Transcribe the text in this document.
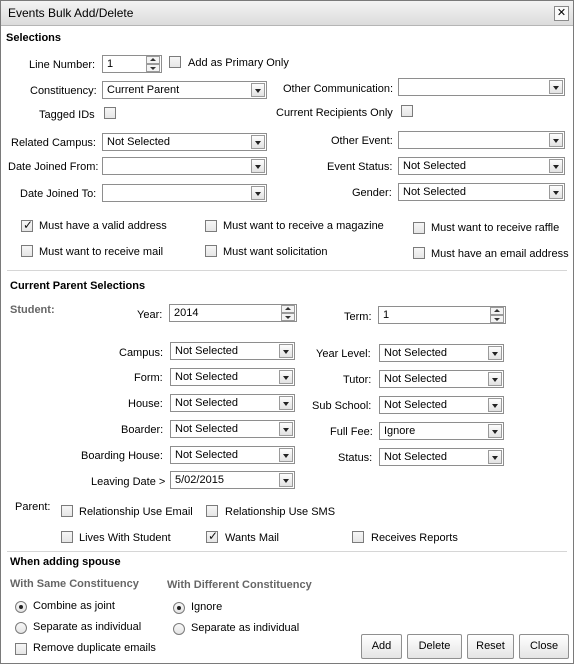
Events Bulk Add/Delete	✕
Selections
Line Number: 1	Add as Primary Only
Constituency: Current Parent	Other Communication:
Tagged IDs	Current Recipients Only
Related Campus: Not Selected	Other Event:
Date Joined From:	Event Status: Not Selected
Date Joined To:	Gender: Not Selected
✓
Must have a valid address	Must want to receive a magazine	Must want to receive raffle
Must want to receive mail	Must want solicitation	Must have an email address
Current Parent Selections
Student:	Year: 2014	Term: 1
Campus: Not Selected	Year Level: Not Selected
Form: Not Selected	Tutor: Not Selected
House: Not Selected	Sub School: Not Selected
Boarder: Not Selected	Full Fee: Ignore
Boarding House: Not Selected	Status: Not Selected
Leaving Date > 5/02/2015
Parent:	Relationship Use Email	Relationship Use SMS
Lives With Student
✓	Wants Mail	Receives Reports
When adding spouse
With Same Constituency	With Different Constituency
Combine as joint	Ignore
Separate as individual	Separate as individual
Remove duplicate emails	Add	Delete	Reset	Close
